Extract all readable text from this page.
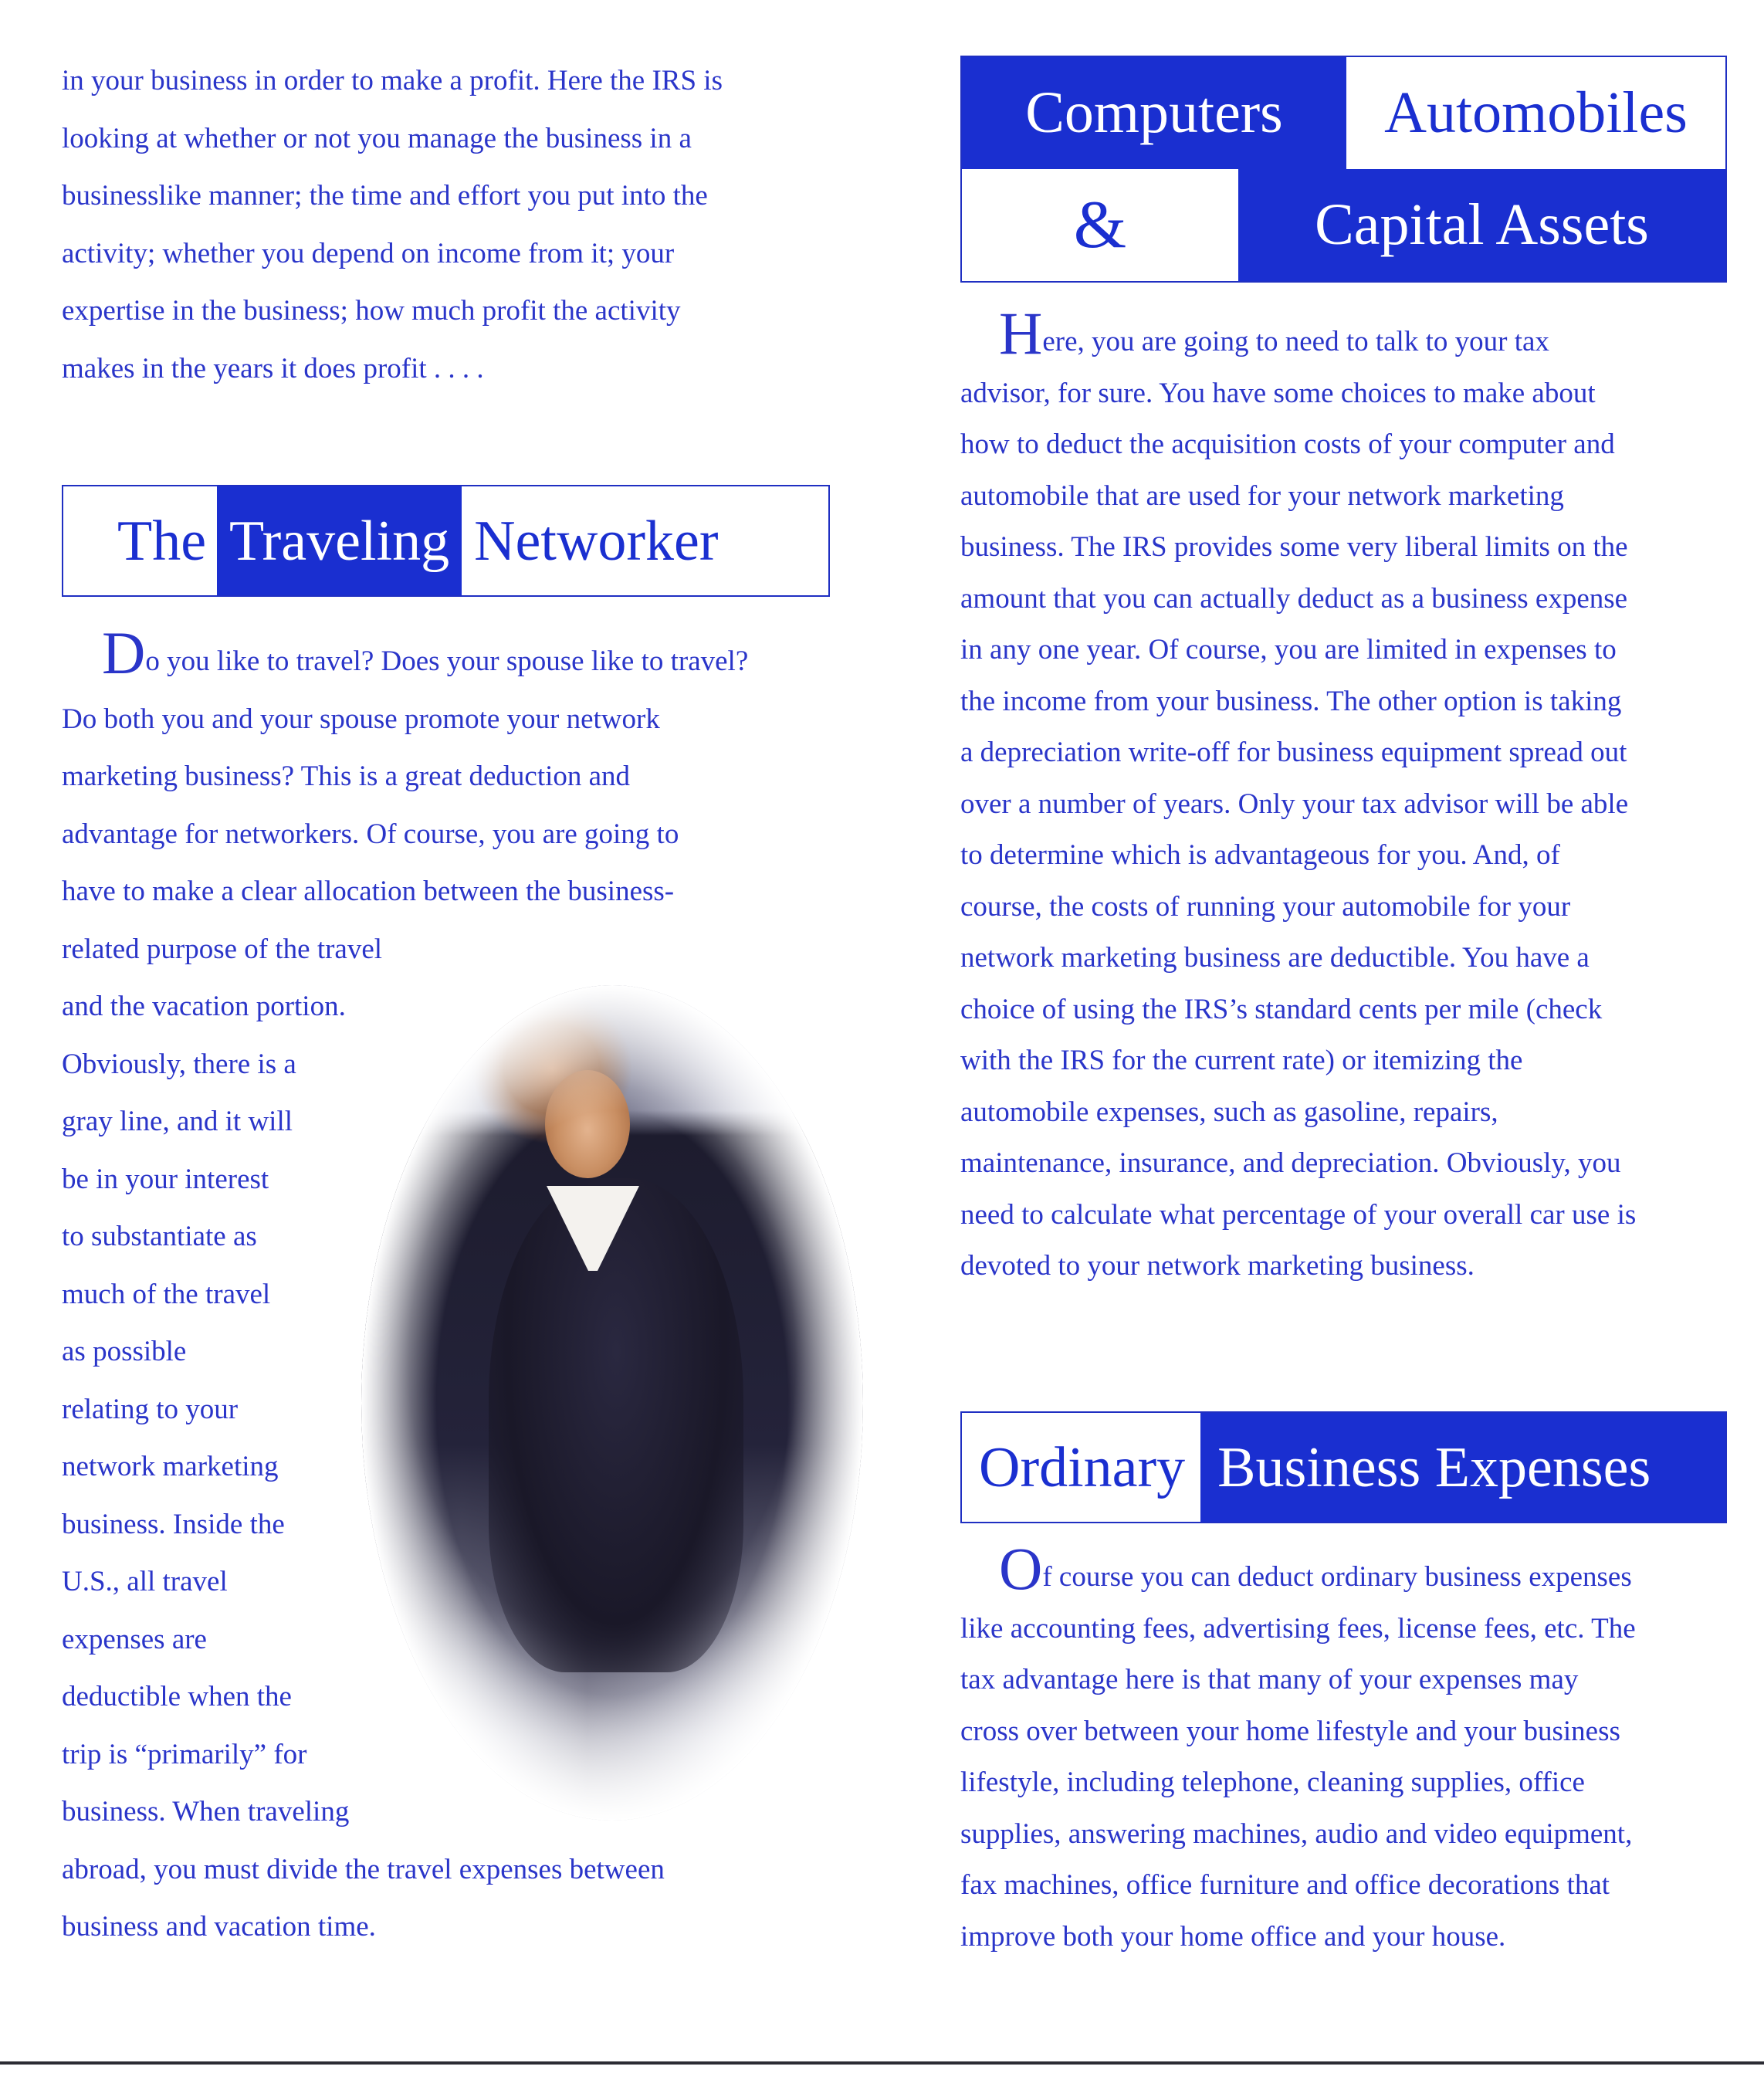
in your business in order to make a profit. Here the IRS is
looking at whether or not you manage the business in a
businesslike manner; the time and effort you put into the
activity; whether you depend on income from it; your
expertise in the business; how much profit the activity
makes in the years it does profit . . . .

The Traveling Networker

Do you like to travel? Does your spouse like to travel?
Do both you and your spouse promote your network
marketing business? This is a great deduction and
advantage for networkers. Of course, you are going to
have to make a clear allocation between the business-
related purpose of the travel
and the vacation portion.
Obviously, there is a
gray line, and it will
be in your interest
to substantiate as
much of the travel
as possible
relating to your
network marketing
business. Inside the
U.S., all travel
expenses are
deductible when the
trip is “primarily” for
business. When traveling
abroad, you must divide the travel expenses between
business and vacation time.

Computers	Automobiles
&	Capital Assets

Here, you are going to need to talk to your tax
advisor, for sure. You have some choices to make about
how to deduct the acquisition costs of your computer and
automobile that are used for your network marketing
business. The IRS provides some very liberal limits on the
amount that you can actually deduct as a business expense
in any one year. Of course, you are limited in expenses to
the income from your business. The other option is taking
a depreciation write-off for business equipment spread out
over a number of years. Only your tax advisor will be able
to determine which is advantageous for you. And, of
course, the costs of running your automobile for your
network marketing business are deductible. You have a
choice of using the IRS’s standard cents per mile (check
with the IRS for the current rate) or itemizing the
automobile expenses, such as gasoline, repairs,
maintenance, insurance, and depreciation. Obviously, you
need to calculate what percentage of your overall car use is
devoted to your network marketing business.

Ordinary Business Expenses

Of course you can deduct ordinary business expenses
like accounting fees, advertising fees, license fees, etc. The
tax advantage here is that many of your expenses may
cross over between your home lifestyle and your business
lifestyle, including telephone, cleaning supplies, office
supplies, answering machines, audio and video equipment,
fax machines, office furniture and office decorations that
improve both your home office and your house.
